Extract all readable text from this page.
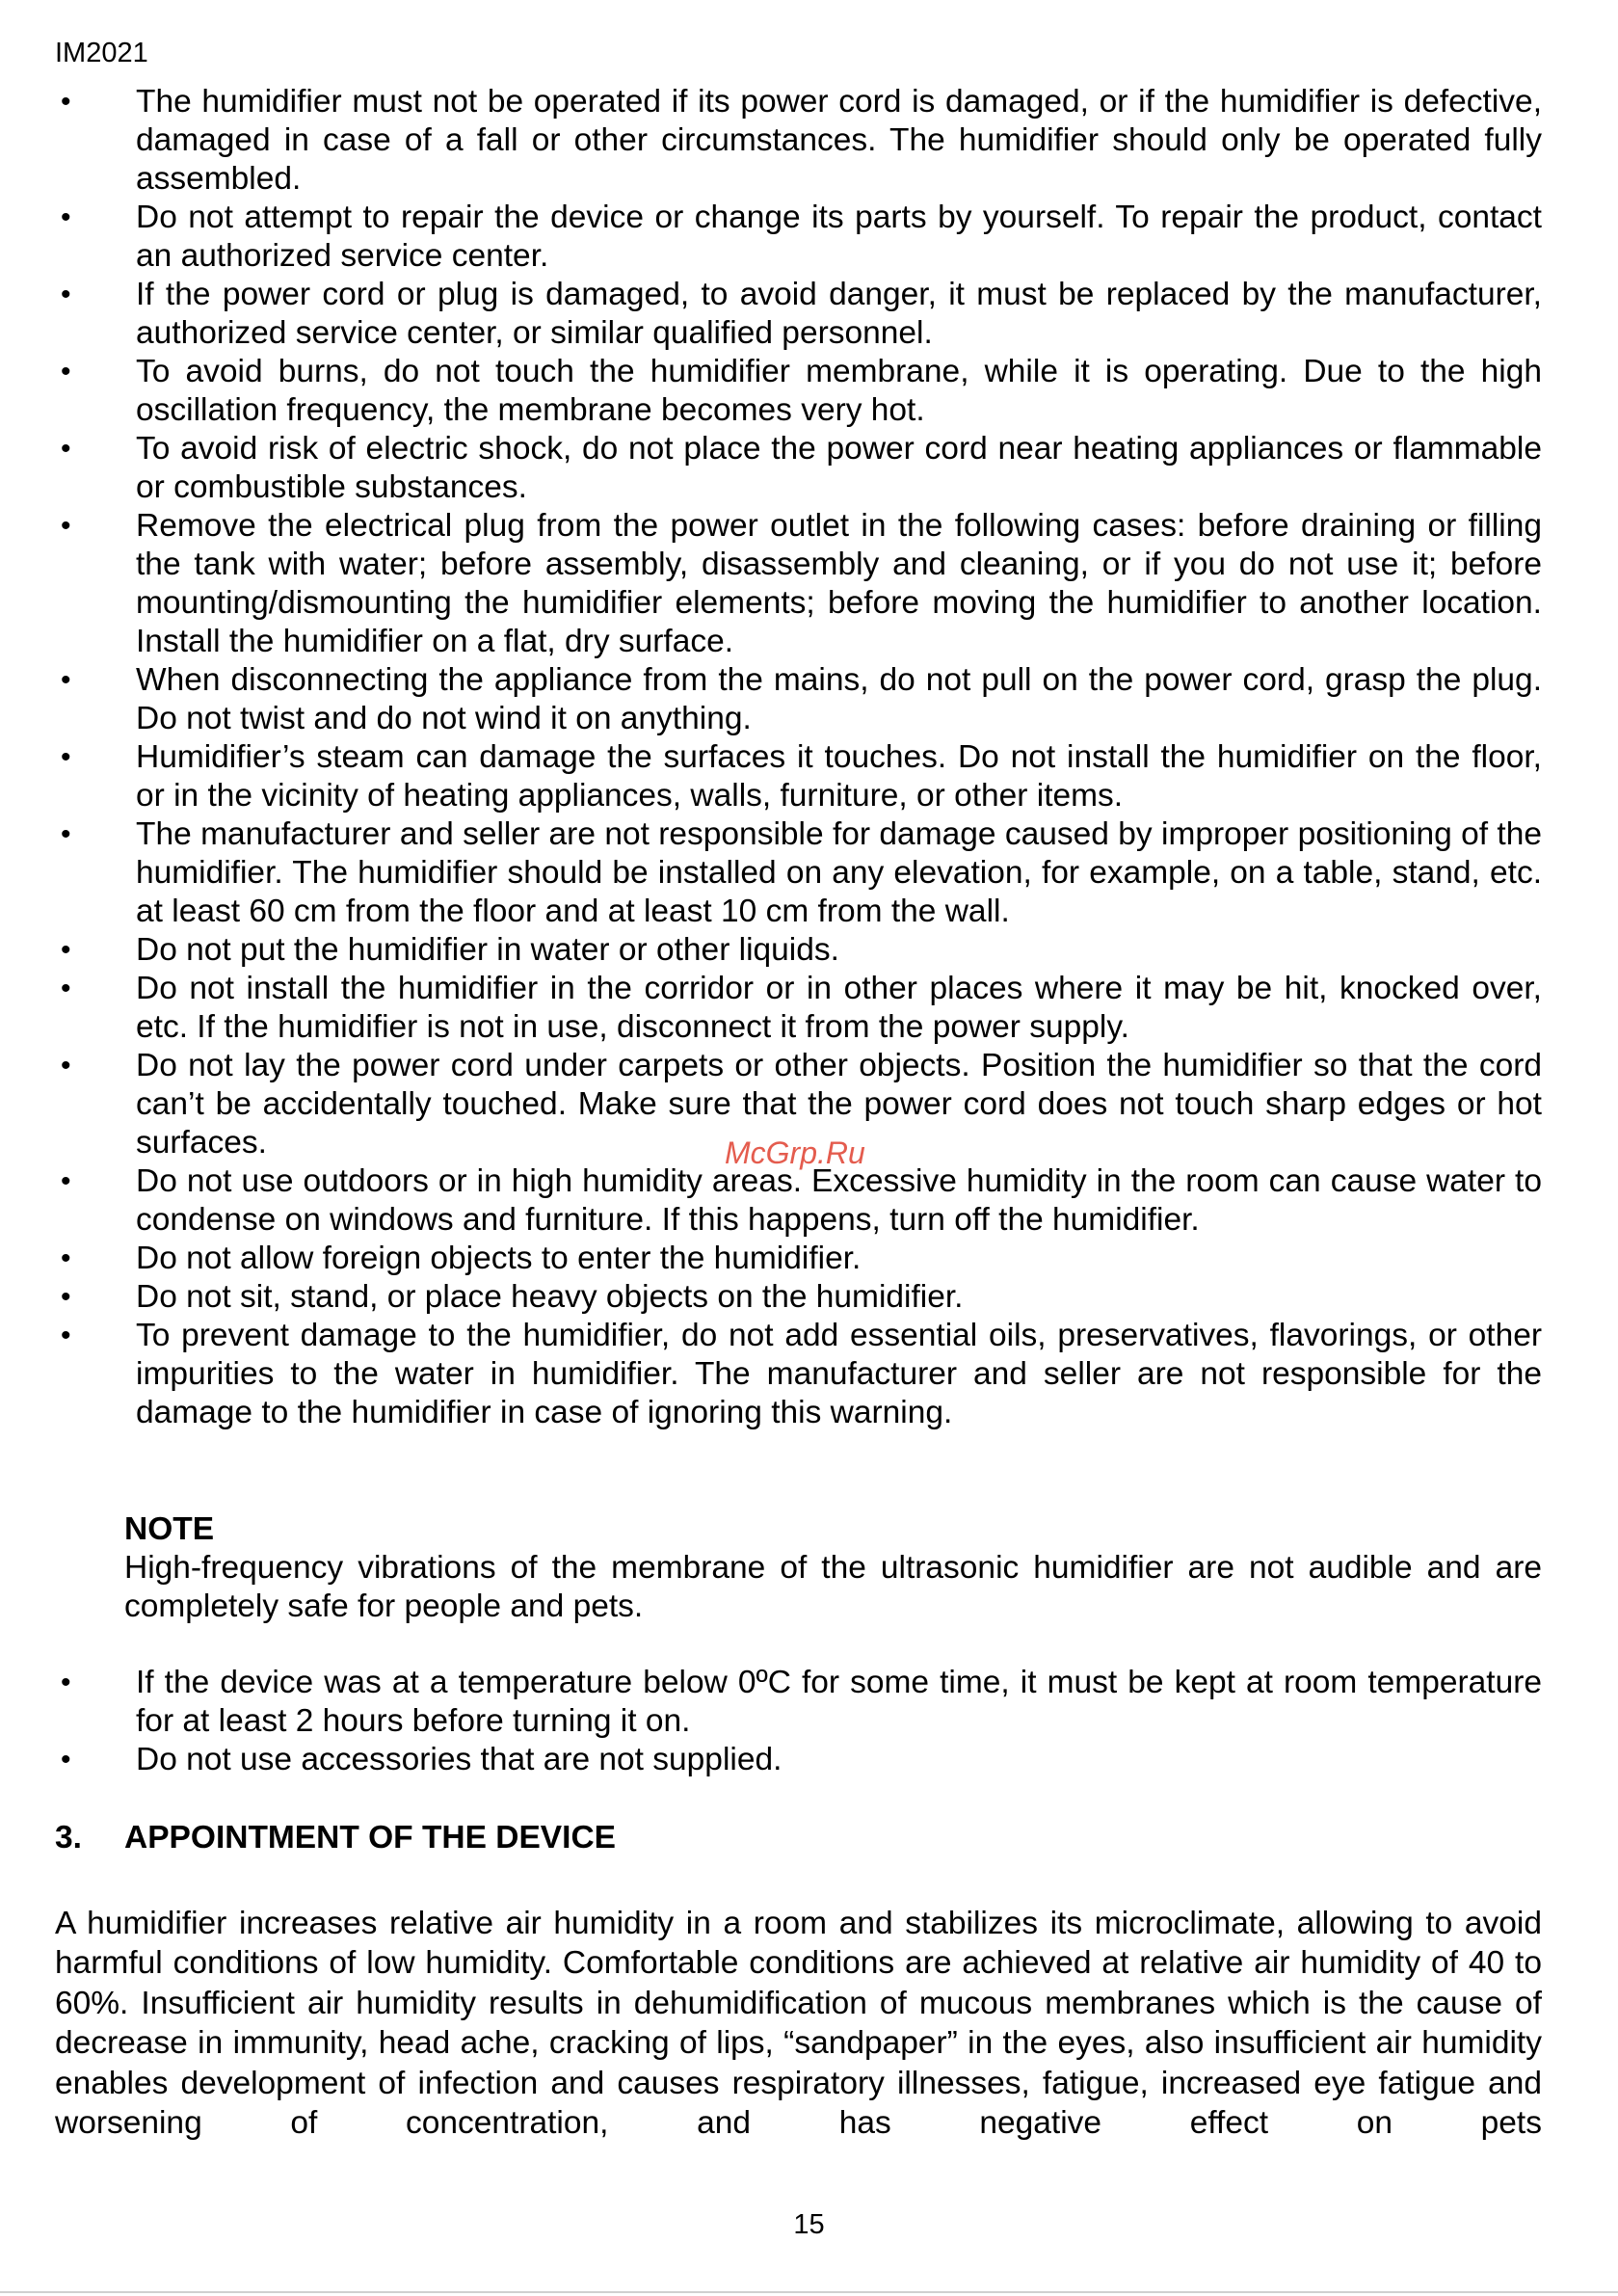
IM2021
• The humidifier must not be operated if its power cord is damaged, or if the humidifier is defective, damaged in case of a fall or other circumstances. The humidifier should only be operated fully assembled.
• Do not attempt to repair the device or change its parts by yourself. To repair the product, contact an authorized service center.
• If the power cord or plug is damaged, to avoid danger, it must be replaced by the manufacturer, authorized service center, or similar qualified personnel.
• To avoid burns, do not touch the humidifier membrane, while it is operating. Due to the high oscillation frequency, the membrane becomes very hot.
• To avoid risk of electric shock, do not place the power cord near heating appliances or flammable or combustible substances.
• Remove the electrical plug from the power outlet in the following cases: before draining or filling the tank with water; before assembly, disassembly and cleaning, or if you do not use it; before mounting/dismounting the humidifier elements; before moving the humidifier to another location. Install the humidifier on a flat, dry surface.
• When disconnecting the appliance from the mains, do not pull on the power cord, grasp the plug. Do not twist and do not wind it on anything.
• Humidifier’s steam can damage the surfaces it touches. Do not install the humidifier on the floor, or in the vicinity of heating appliances, walls, furniture, or other items.
• The manufacturer and seller are not responsible for damage caused by improper positioning of the humidifier. The humidifier should be installed on any elevation, for example, on a table, stand, etc. at least 60 cm from the floor and at least 10 cm from the wall.
• Do not put the humidifier in water or other liquids.
• Do not install the humidifier in the corridor or in other places where it may be hit, knocked over, etc. If the humidifier is not in use, disconnect it from the power supply.
• Do not lay the power cord under carpets or other objects. Position the humidifier so that the cord can’t be accidentally touched. Make sure that the power cord does not touch sharp edges or hot surfaces.
• Do not use outdoors or in high humidity areas. Excessive humidity in the room can cause water to condense on windows and furniture. If this happens, turn off the humidifier.
• Do not allow foreign objects to enter the humidifier.
• Do not sit, stand, or place heavy objects on the humidifier.
• To prevent damage to the humidifier, do not add essential oils, preservatives, flavorings, or other impurities to the water in humidifier. The manufacturer and seller are not responsible for the damage to the humidifier in case of ignoring this warning.
McGrp.Ru
NOTE
High-frequency vibrations of the membrane of the ultrasonic humidifier are not audible and are completely safe for people and pets.
• If the device was at a temperature below 0ºC for some time, it must be kept at room temperature for at least 2 hours before turning it on.
• Do not use accessories that are not supplied.
3. APPOINTMENT OF THE DEVICE
A humidifier increases relative air humidity in a room and stabilizes its microclimate, allowing to avoid harmful conditions of low humidity. Comfortable conditions are achieved at relative air humidity of 40 to 60%. Insufficient air humidity results in dehumidification of mucous membranes which is the cause of decrease in immunity, head ache, cracking of lips, “sandpaper” in the eyes, also insufficient air humidity enables development of infection and causes respiratory illnesses, fatigue, increased eye fatigue and worsening of concentration, and has negative effect on pets
15
